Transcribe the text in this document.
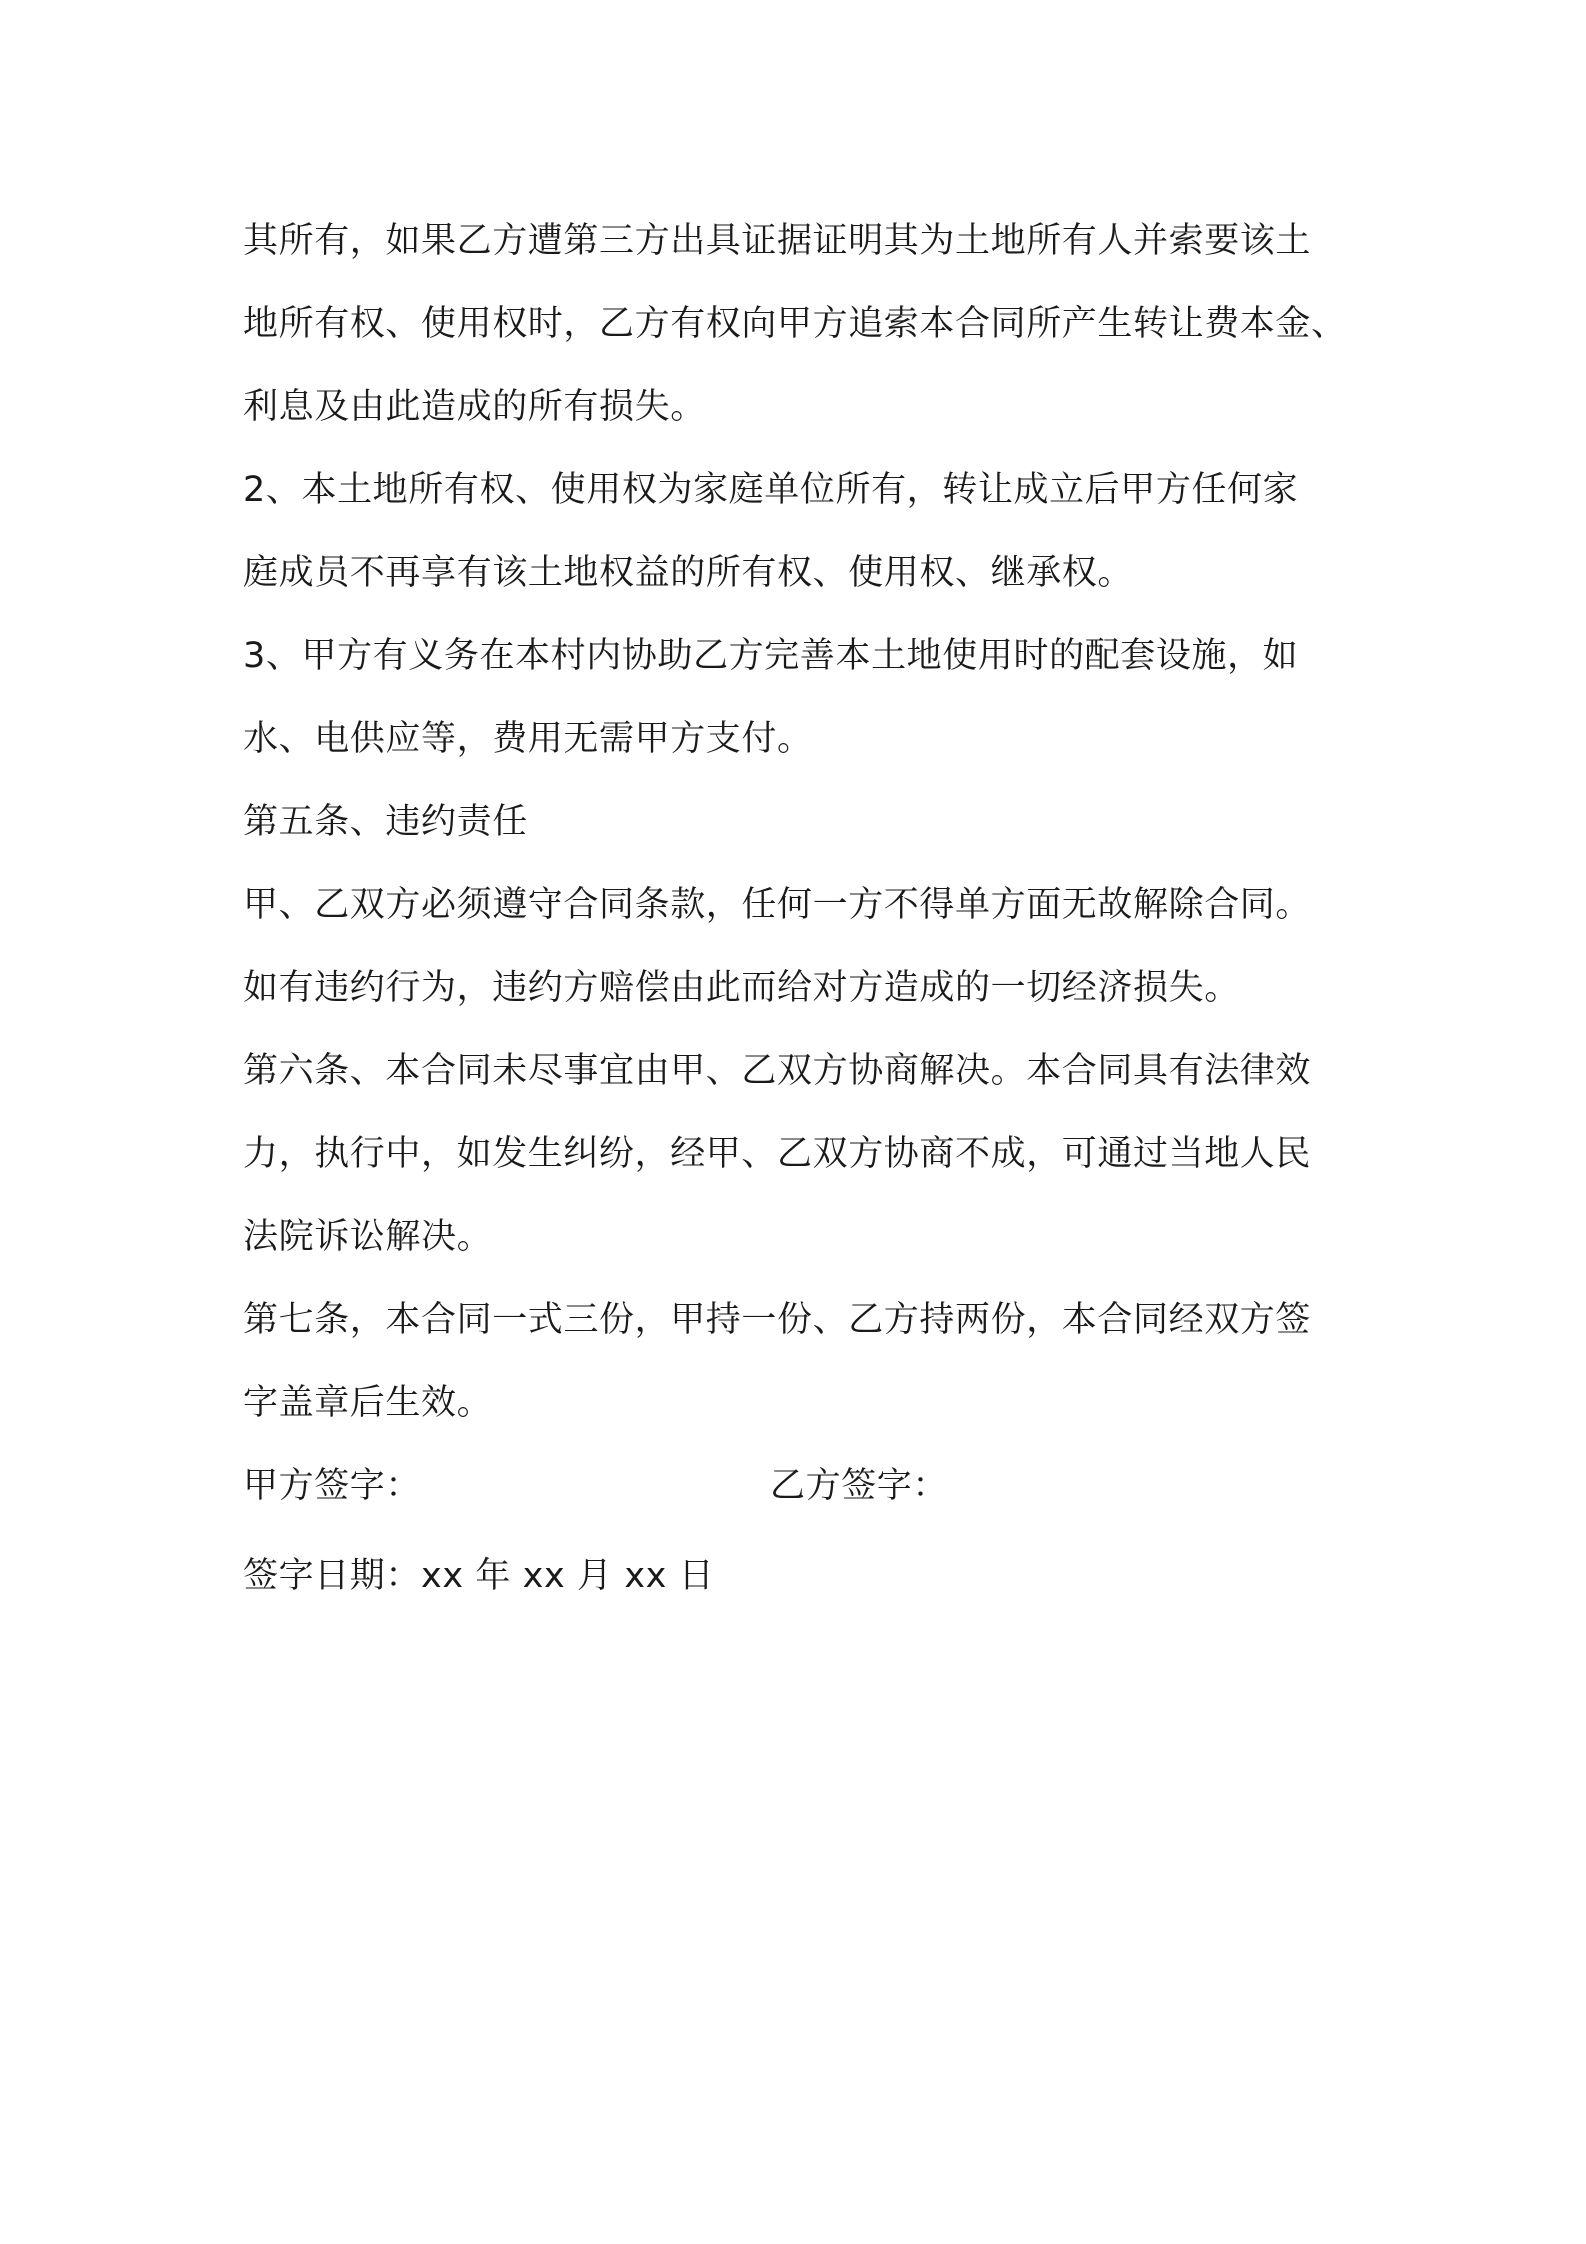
其所有，如果乙方遭第三方出具证据证明其为土地所有人并索要该土
地所有权、使用权时，乙方有权向甲方追索本合同所产生转让费本金、
利息及由此造成的所有损失。
2、本土地所有权、使用权为家庭单位所有，转让成立后甲方任何家
庭成员不再享有该土地权益的所有权、使用权、继承权。
3、甲方有义务在本村内协助乙方完善本土地使用时的配套设施，如
水、电供应等，费用无需甲方支付。
第五条、违约责任
甲、乙双方必须遵守合同条款，任何一方不得单方面无故解除合同。
如有违约行为，违约方赔偿由此而给对方造成的一切经济损失。
第六条、本合同未尽事宜由甲、乙双方协商解决。本合同具有法律效
力，执行中，如发生纠纷，经甲、乙双方协商不成，可通过当地人民
法院诉讼解决。
第七条，本合同一式三份，甲持一份、乙方持两份，本合同经双方签
字盖章后生效。
甲方签字：	乙方签字：
签字日期：xx 年 xx 月 xx 日
